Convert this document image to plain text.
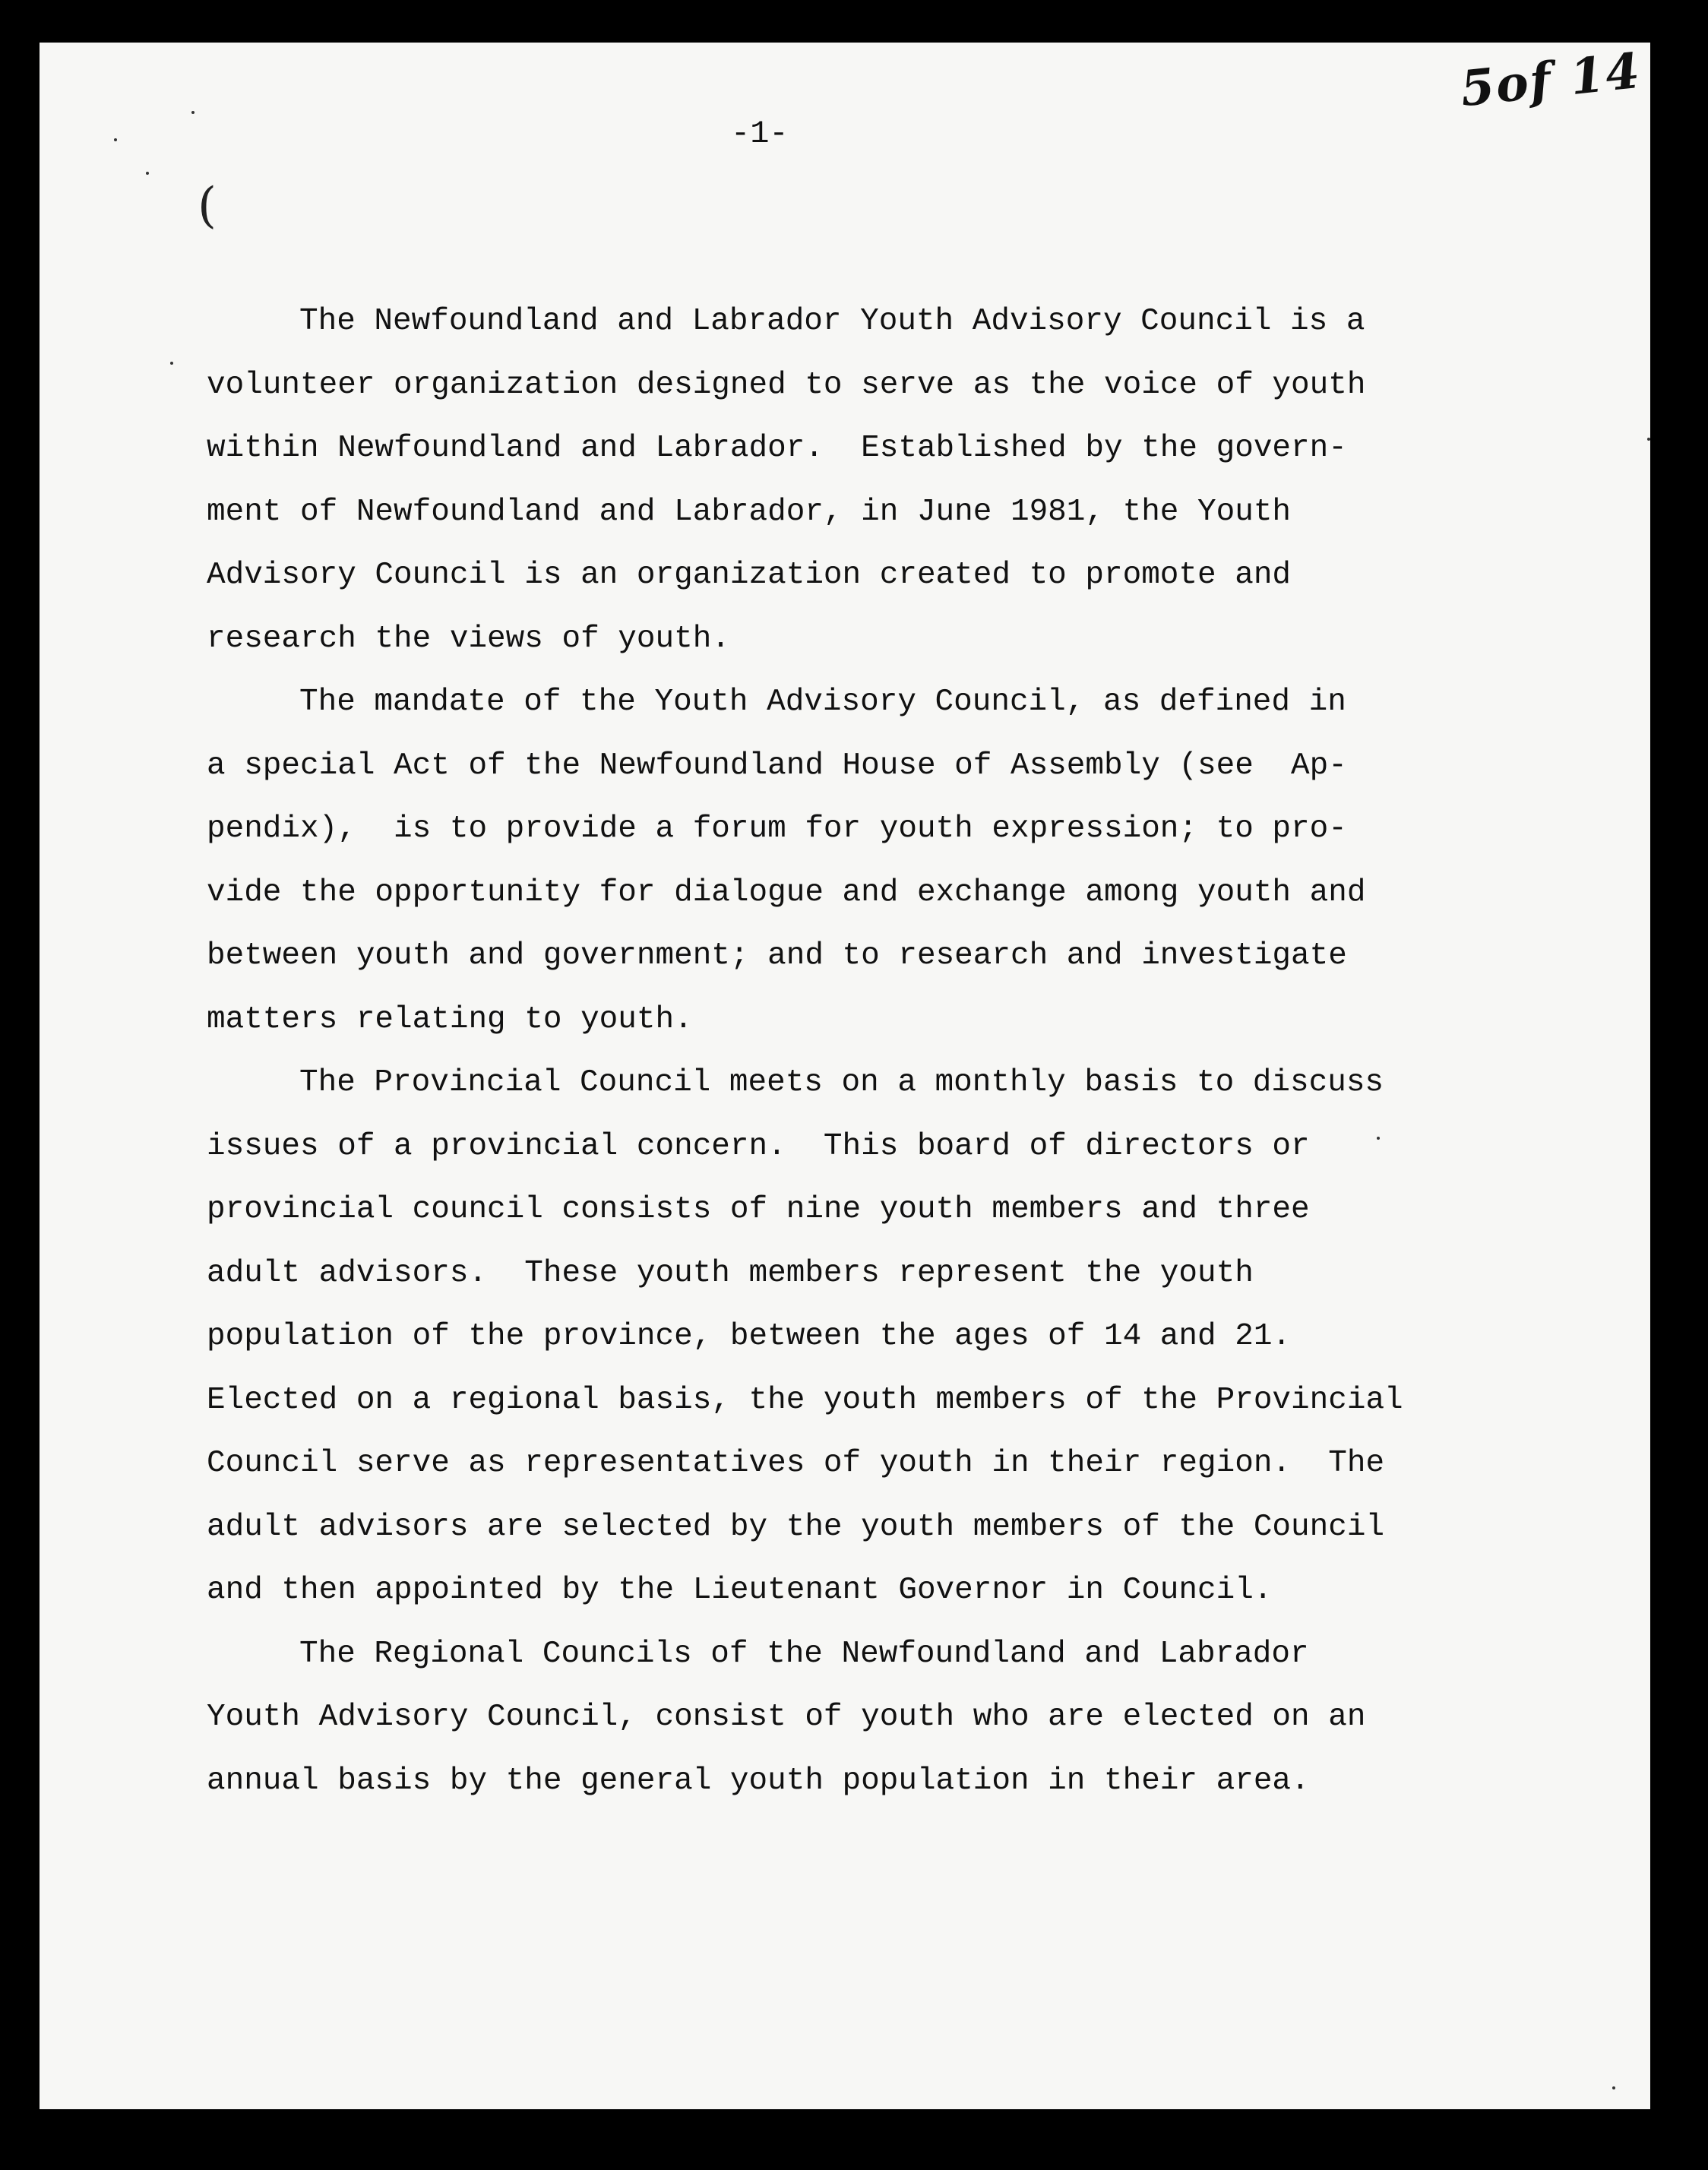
5of 14
-1-
(
The Newfoundland and Labrador Youth Advisory Council is a
volunteer organization designed to serve as the voice of youth
within Newfoundland and Labrador.  Established by the govern-
ment of Newfoundland and Labrador, in June 1981, the Youth
Advisory Council is an organization created to promote and
research the views of youth.
The mandate of the Youth Advisory Council, as defined in
a special Act of the Newfoundland House of Assembly (see  Ap-
pendix),  is to provide a forum for youth expression; to pro-
vide the opportunity for dialogue and exchange among youth and
between youth and government; and to research and investigate
matters relating to youth.
The Provincial Council meets on a monthly basis to discuss
issues of a provincial concern.  This board of directors or
provincial council consists of nine youth members and three
adult advisors.  These youth members represent the youth
population of the province, between the ages of 14 and 21.
Elected on a regional basis, the youth members of the Provincial
Council serve as representatives of youth in their region.  The
adult advisors are selected by the youth members of the Council
and then appointed by the Lieutenant Governor in Council.
The Regional Councils of the Newfoundland and Labrador
Youth Advisory Council, consist of youth who are elected on an
annual basis by the general youth population in their area.
